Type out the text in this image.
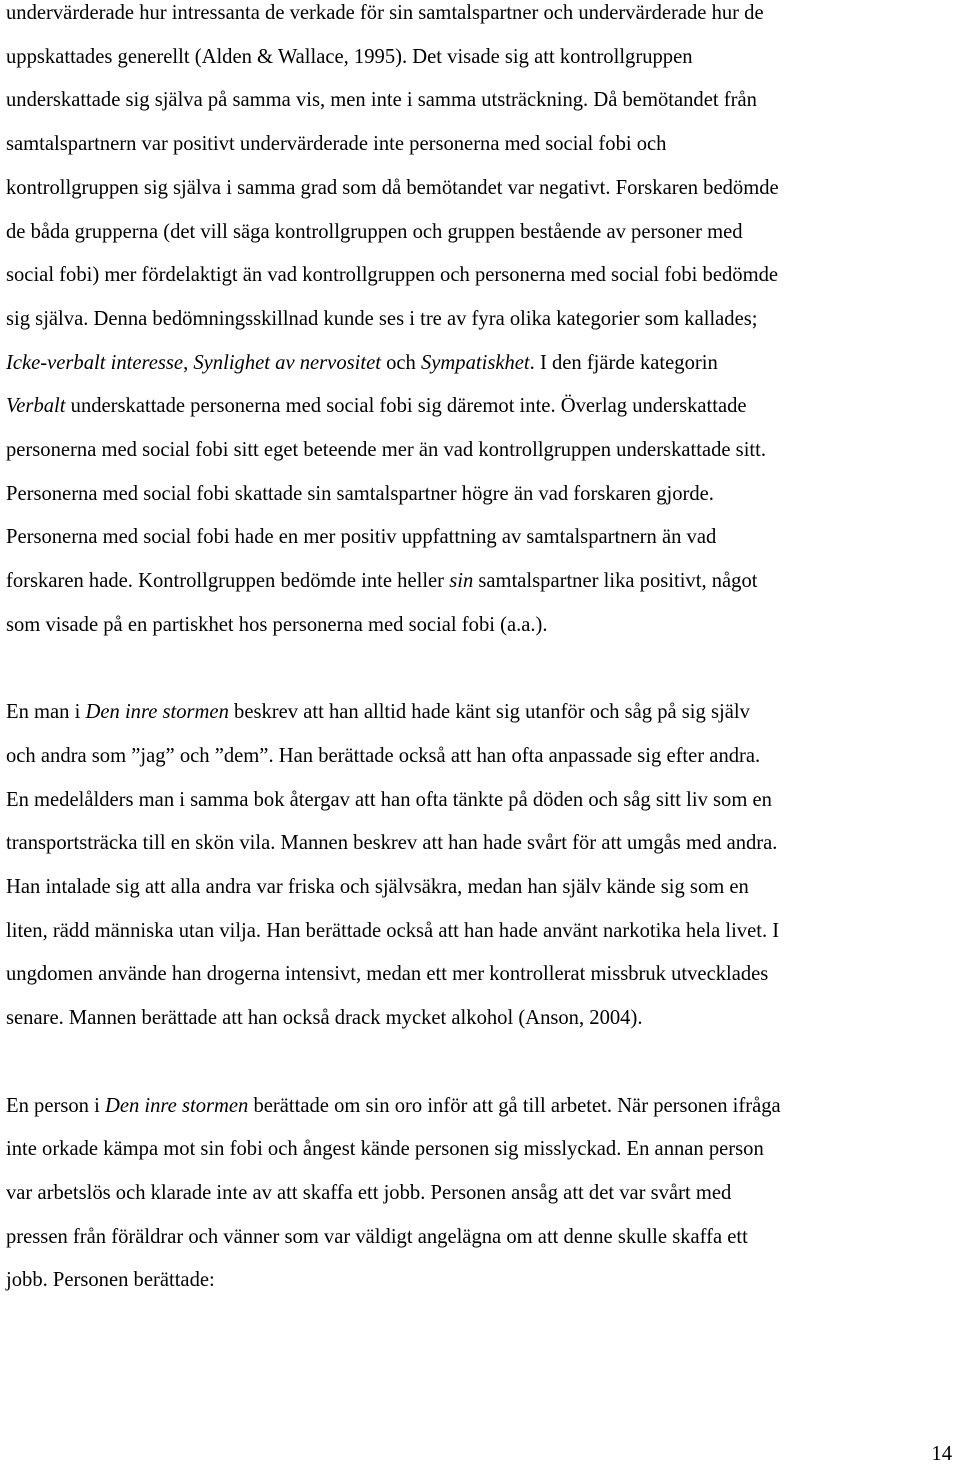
undervärderade hur intressanta de verkade för sin samtalspartner och undervärderade hur de
uppskattades generellt (Alden & Wallace, 1995). Det visade sig att kontrollgruppen
underskattade sig själva på samma vis, men inte i samma utsträckning. Då bemötandet från
samtalspartnern var positivt undervärderade inte personerna med social fobi och
kontrollgruppen sig själva i samma grad som då bemötandet var negativt. Forskaren bedömde
de båda grupperna (det vill säga kontrollgruppen och gruppen bestående av personer med
social fobi) mer fördelaktigt än vad kontrollgruppen och personerna med social fobi bedömde
sig själva. Denna bedömningsskillnad kunde ses i tre av fyra olika kategorier som kallades;
Icke-verbalt interesse, Synlighet av nervositet och Sympatiskhet. I den fjärde kategorin
Verbalt underskattade personerna med social fobi sig däremot inte. Överlag underskattade
personerna med social fobi sitt eget beteende mer än vad kontrollgruppen underskattade sitt.
Personerna med social fobi skattade sin samtalspartner högre än vad forskaren gjorde.
Personerna med social fobi hade en mer positiv uppfattning av samtalspartnern än vad
forskaren hade. Kontrollgruppen bedömde inte heller sin samtalspartner lika positivt, något
som visade på en partiskhet hos personerna med social fobi (a.a.).
En man i Den inre stormen beskrev att han alltid hade känt sig utanför och såg på sig själv
och andra som ”jag” och ”dem”. Han berättade också att han ofta anpassade sig efter andra.
En medelålders man i samma bok återgav att han ofta tänkte på döden och såg sitt liv som en
transportsträcka till en skön vila. Mannen beskrev att han hade svårt för att umgås med andra.
Han intalade sig att alla andra var friska och självsäkra, medan han själv kände sig som en
liten, rädd människa utan vilja. Han berättade också att han hade använt narkotika hela livet. I
ungdomen använde han drogerna intensivt, medan ett mer kontrollerat missbruk utvecklades
senare. Mannen berättade att han också drack mycket alkohol (Anson, 2004).
En person i Den inre stormen berättade om sin oro inför att gå till arbetet. När personen ifråga
inte orkade kämpa mot sin fobi och ångest kände personen sig misslyckad. En annan person
var arbetslös och klarade inte av att skaffa ett jobb. Personen ansåg att det var svårt med
pressen från föräldrar och vänner som var väldigt angelägna om att denne skulle skaffa ett
jobb. Personen berättade:
14
